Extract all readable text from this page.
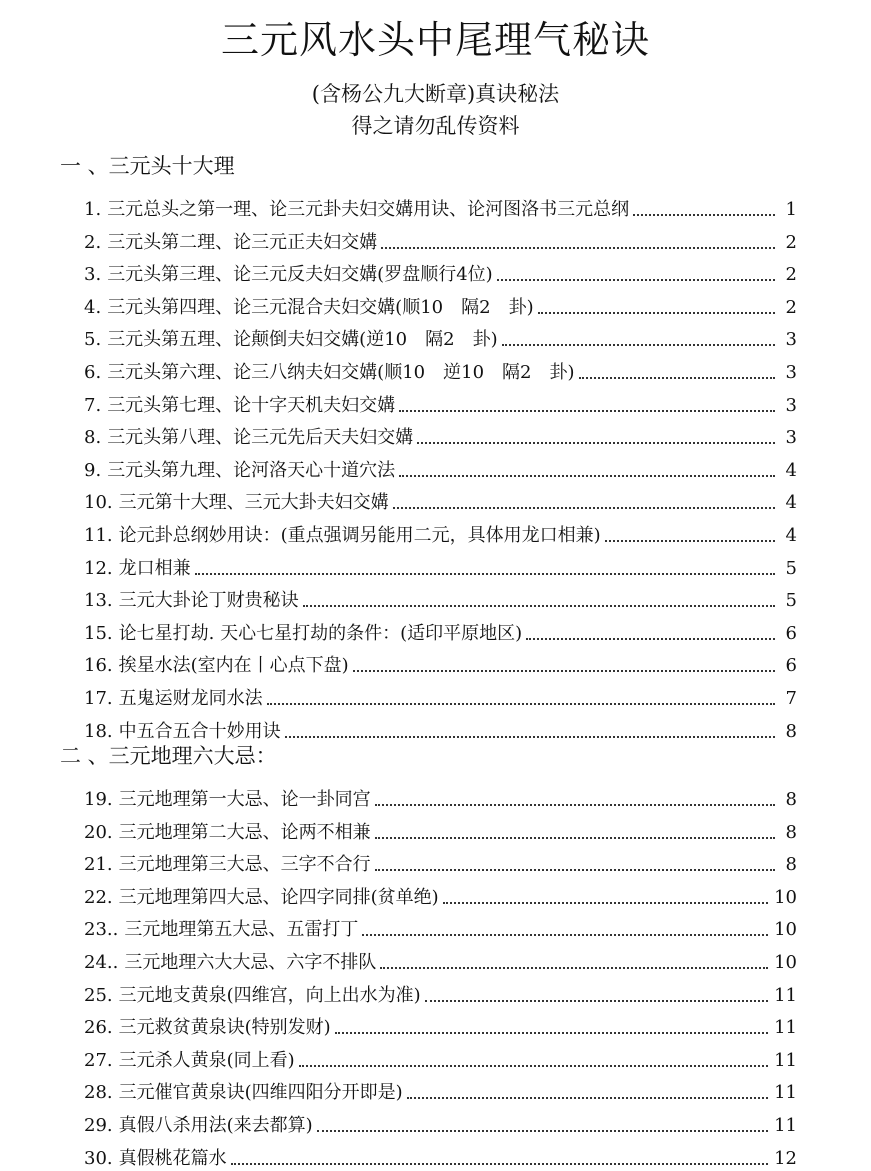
三元风水头中尾理气秘诀
(含杨公九大断章)真诀秘法
得之请勿乱传资料
一 、三元头十大理
1. 三元总头之第一理、论三元卦夫妇交媾用诀、论河图洛书三元总纲	1
2. 三元头第二理、论三元正夫妇交媾	2
3. 三元头第三理、论三元反夫妇交媾(罗盘顺行4位)	2
4. 三元头第四理、论三元混合夫妇交媾(顺10　隔2　卦)	2
5. 三元头第五理、论颠倒夫妇交媾(逆10　隔2　卦)	3
6. 三元头第六理、论三八纳夫妇交媾(顺10　逆10　隔2　卦)	3
7. 三元头第七理、论十字天机夫妇交媾	3
8. 三元头第八理、论三元先后天夫妇交媾	3
9. 三元头第九理、论河洛天心十道穴法	4
10. 三元第十大理、三元大卦夫妇交媾	4
11. 论元卦总纲妙用诀：(重点强调另能用二元，具体用龙口相兼)	4
12. 龙口相兼	5
13. 三元大卦论丁财贵秘诀	5
15. 论七星打劫. 天心七星打劫的条件：(适印平原地区)	6
16. 挨星水法(室内在丨心点下盘)	6
17. 五鬼运财龙同水法	7
18. 中五合五合十妙用诀	8
二 、三元地理六大忌：
19. 三元地理第一大忌、论一卦同宫	8
20. 三元地理第二大忌、论两不相兼	8
21. 三元地理第三大忌、三字不合行	8
22. 三元地理第四大忌、论四字同排(贫单绝)	10
23.. 三元地理第五大忌、五雷打丁	10
24.. 三元地理六大大忌、六字不排队	10
25. 三元地支黄泉(四维宫，向上出水为准)	11
26. 三元救贫黄泉诀(特别发财)	11
27. 三元杀人黄泉(同上看)	11
28. 三元催官黄泉诀(四维四阳分开即是)	11
29. 真假八杀用法(来去都算)	11
30. 真假桃花篇水	12
